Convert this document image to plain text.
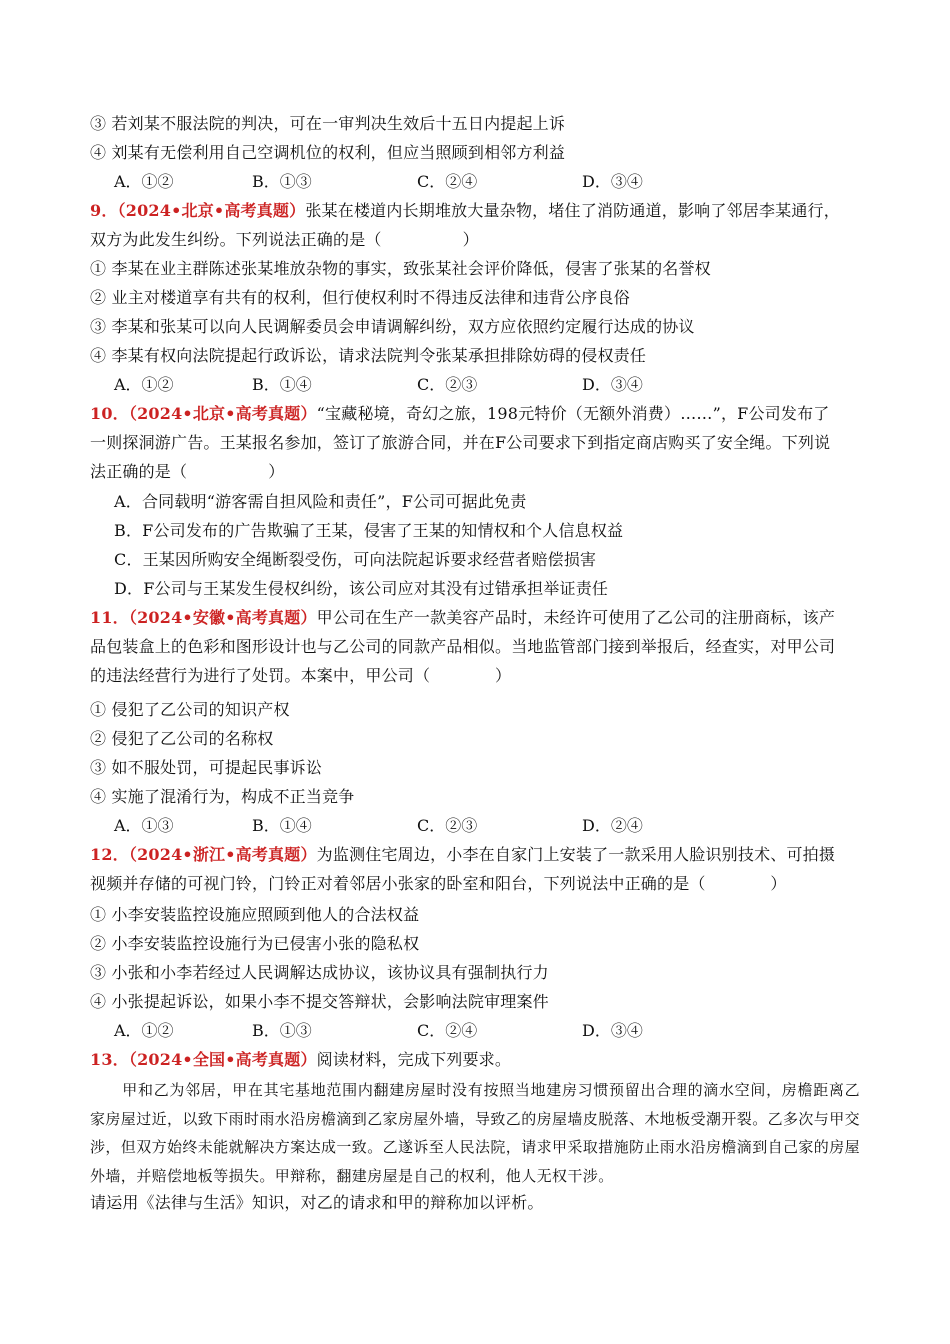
③ 若刘某不服法院的判决，可在一审判决生效后十五日内提起上诉
④ 刘某有无偿利用自己空调机位的权利，但应当照顾到相邻方利益
A．①②	B．①③	C．②④	D．③④
9．（2024•北京•高考真题）张某在楼道内长期堆放大量杂物，堵住了消防通道，影响了邻居李某通行，
双方为此发生纠纷。下列说法正确的是（　　　　　）
① 李某在业主群陈述张某堆放杂物的事实，致张某社会评价降低，侵害了张某的名誉权
② 业主对楼道享有共有的权利，但行使权利时不得违反法律和违背公序良俗
③ 李某和张某可以向人民调解委员会申请调解纠纷，双方应依照约定履行达成的协议
④ 李某有权向法院提起行政诉讼，请求法院判令张某承担排除妨碍的侵权责任
A．①②	B．①④	C．②③	D．③④
10．（2024•北京•高考真题）“宝藏秘境，奇幻之旅，198元特价（无额外消费）……”，F公司发布了
一则探洞游广告。王某报名参加，签订了旅游合同，并在F公司要求下到指定商店购买了安全绳。下列说
法正确的是（　　　　　）
A．合同载明“游客需自担风险和责任”，F公司可据此免责
B．F公司发布的广告欺骗了王某，侵害了王某的知情权和个人信息权益
C．王某因所购安全绳断裂受伤，可向法院起诉要求经营者赔偿损害
D．F公司与王某发生侵权纠纷，该公司应对其没有过错承担举证责任
11．（2024•安徽•高考真题）甲公司在生产一款美容产品时，未经许可使用了乙公司的注册商标，该产
品包装盒上的色彩和图形设计也与乙公司的同款产品相似。当地监管部门接到举报后，经查实，对甲公司
的违法经营行为进行了处罚。本案中，甲公司（　　　　）
① 侵犯了乙公司的知识产权
② 侵犯了乙公司的名称权
③ 如不服处罚，可提起民事诉讼
④ 实施了混淆行为，构成不正当竞争
A．①③	B．①④	C．②③	D．②④
12．（2024•浙江•高考真题）为监测住宅周边，小李在自家门上安装了一款采用人脸识别技术、可拍摄
视频并存储的可视门铃，门铃正对着邻居小张家的卧室和阳台，下列说法中正确的是（　　　　）
① 小李安装监控设施应照顾到他人的合法权益
② 小李安装监控设施行为已侵害小张的隐私权
③ 小张和小李若经过人民调解达成协议，该协议具有强制执行力
④ 小张提起诉讼，如果小李不提交答辩状，会影响法院审理案件
A．①②	B．①③	C．②④	D．③④
13．（2024•全国•高考真题）阅读材料，完成下列要求。
甲和乙为邻居，甲在其宅基地范围内翻建房屋时没有按照当地建房习惯预留出合理的滴水空间，房檐距离乙家房屋过近，以致下雨时雨水沿房檐滴到乙家房屋外墙，导致乙的房屋墙皮脱落、木地板受潮开裂。乙多次与甲交涉，但双方始终未能就解决方案达成一致。乙遂诉至人民法院，请求甲采取措施防止雨水沿房檐滴到自己家的房屋外墙，并赔偿地板等损失。甲辩称，翻建房屋是自己的权利，他人无权干涉。
请运用《法律与生活》知识，对乙的请求和甲的辩称加以评析。
